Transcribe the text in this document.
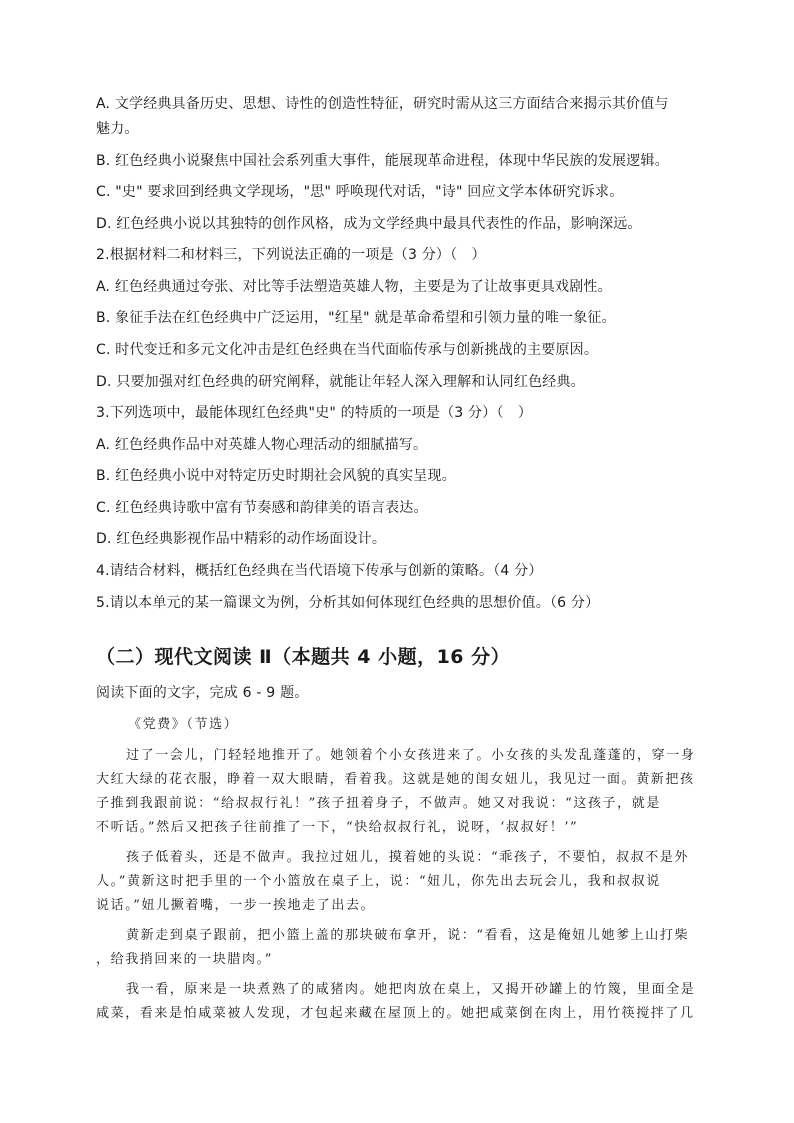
A. 文学经典具备历史、思想、诗性的创造性特征，研究时需从这三方面结合来揭示其价值与
魅力。
B. 红色经典小说聚焦中国社会系列重大事件，能展现革命进程，体现中华民族的发展逻辑。
C. "史" 要求回到经典文学现场，"思" 呼唤现代对话，"诗" 回应文学本体研究诉求。
D. 红色经典小说以其独特的创作风格，成为文学经典中最具代表性的作品，影响深远。
2.根据材料二和材料三，下列说法正确的一项是（3 分）（　）
A. 红色经典通过夸张、对比等手法塑造英雄人物，主要是为了让故事更具戏剧性。
B. 象征手法在红色经典中广泛运用，"红星" 就是革命希望和引领力量的唯一象征。
C. 时代变迁和多元文化冲击是红色经典在当代面临传承与创新挑战的主要原因。
D. 只要加强对红色经典的研究阐释，就能让年轻人深入理解和认同红色经典。
3.下列选项中，最能体现红色经典"史" 的特质的一项是（3 分）（　）
A. 红色经典作品中对英雄人物心理活动的细腻描写。
B. 红色经典小说中对特定历史时期社会风貌的真实呈现。
C. 红色经典诗歌中富有节奏感和韵律美的语言表达。
D. 红色经典影视作品中精彩的动作场面设计。
4.请结合材料，概括红色经典在当代语境下传承与创新的策略。（4 分）
5.请以本单元的某一篇课文为例，分析其如何体现红色经典的思想价值。（6 分）
（二）现代文阅读 Ⅱ（本题共 4 小题，16 分）
阅读下面的文字，完成 6 - 9 题。
《党费》（节选）
过了一会儿，门轻轻地推开了。她领着个小女孩进来了。小女孩的头发乱蓬蓬的，穿一身
大红大绿的花衣服，睁着一双大眼睛，看着我。这就是她的闺女妞儿，我见过一面。黄新把孩
子推到我跟前说：“给叔叔行礼！”孩子扭着身子，不做声。她又对我说：“这孩子，就是
不听话。”然后又把孩子往前推了一下，“快给叔叔行礼，说呀，‘叔叔好！’”
孩子低着头，还是不做声。我拉过妞儿，摸着她的头说：“乖孩子，不要怕，叔叔不是外
人。”黄新这时把手里的一个小篮放在桌子上，说：“妞儿，你先出去玩会儿，我和叔叔说
说话。”妞儿撅着嘴，一步一挨地走了出去。
黄新走到桌子跟前，把小篮上盖的那块破布拿开，说：“看看，这是俺妞儿她爹上山打柴
，给我捎回来的一块腊肉。”
我一看，原来是一块煮熟了的咸猪肉。她把肉放在桌上，又揭开砂罐上的竹篾，里面全是
咸菜，看来是怕咸菜被人发现，才包起来藏在屋顶上的。她把咸菜倒在肉上，用竹筷搅拌了几
